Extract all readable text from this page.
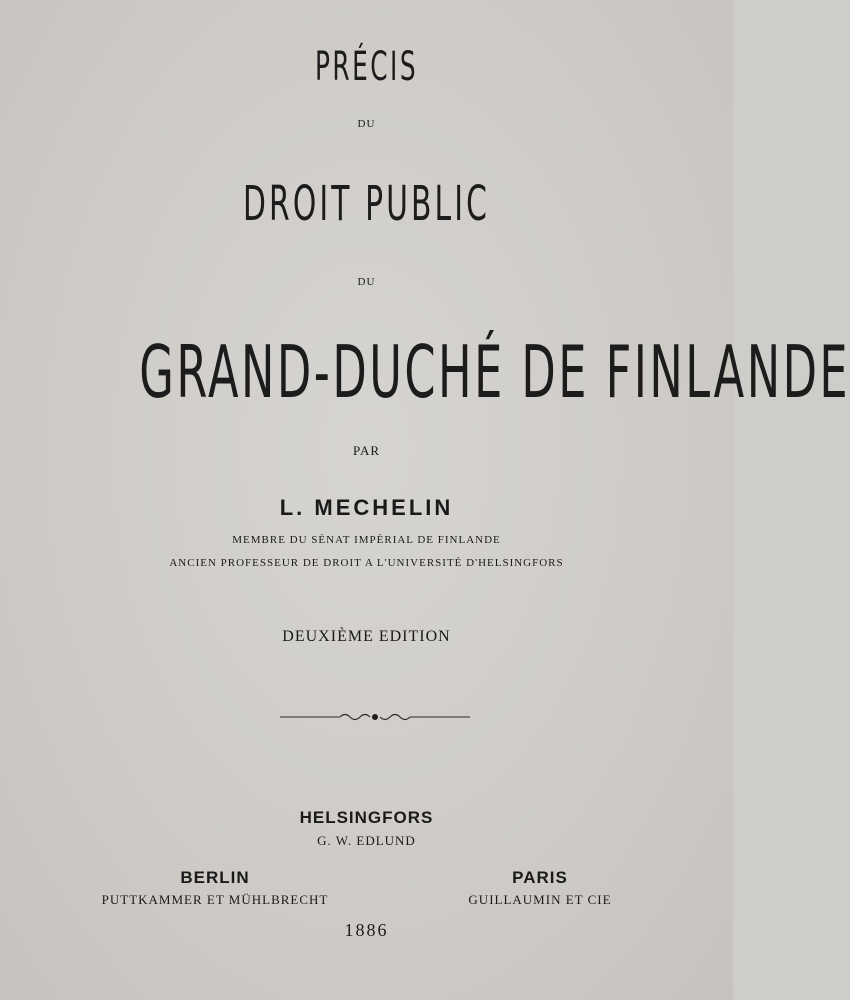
PRÉCIS
DU
DROIT PUBLIC
DU
GRAND-DUCHÉ DE FINLANDE
PAR
L. MECHELIN
MEMBRE DU SÉNAT IMPÉRIAL DE FINLANDE
ANCIEN PROFESSEUR DE DROIT A L'UNIVERSITÉ D'HELSINGFORS
DEUXIÈME EDITION
HELSINGFORS
G. W. EDLUND
BERLIN
PUTTKAMMER ET MÜHLBRECHT
PARIS
GUILLAUMIN ET CIE
1886
